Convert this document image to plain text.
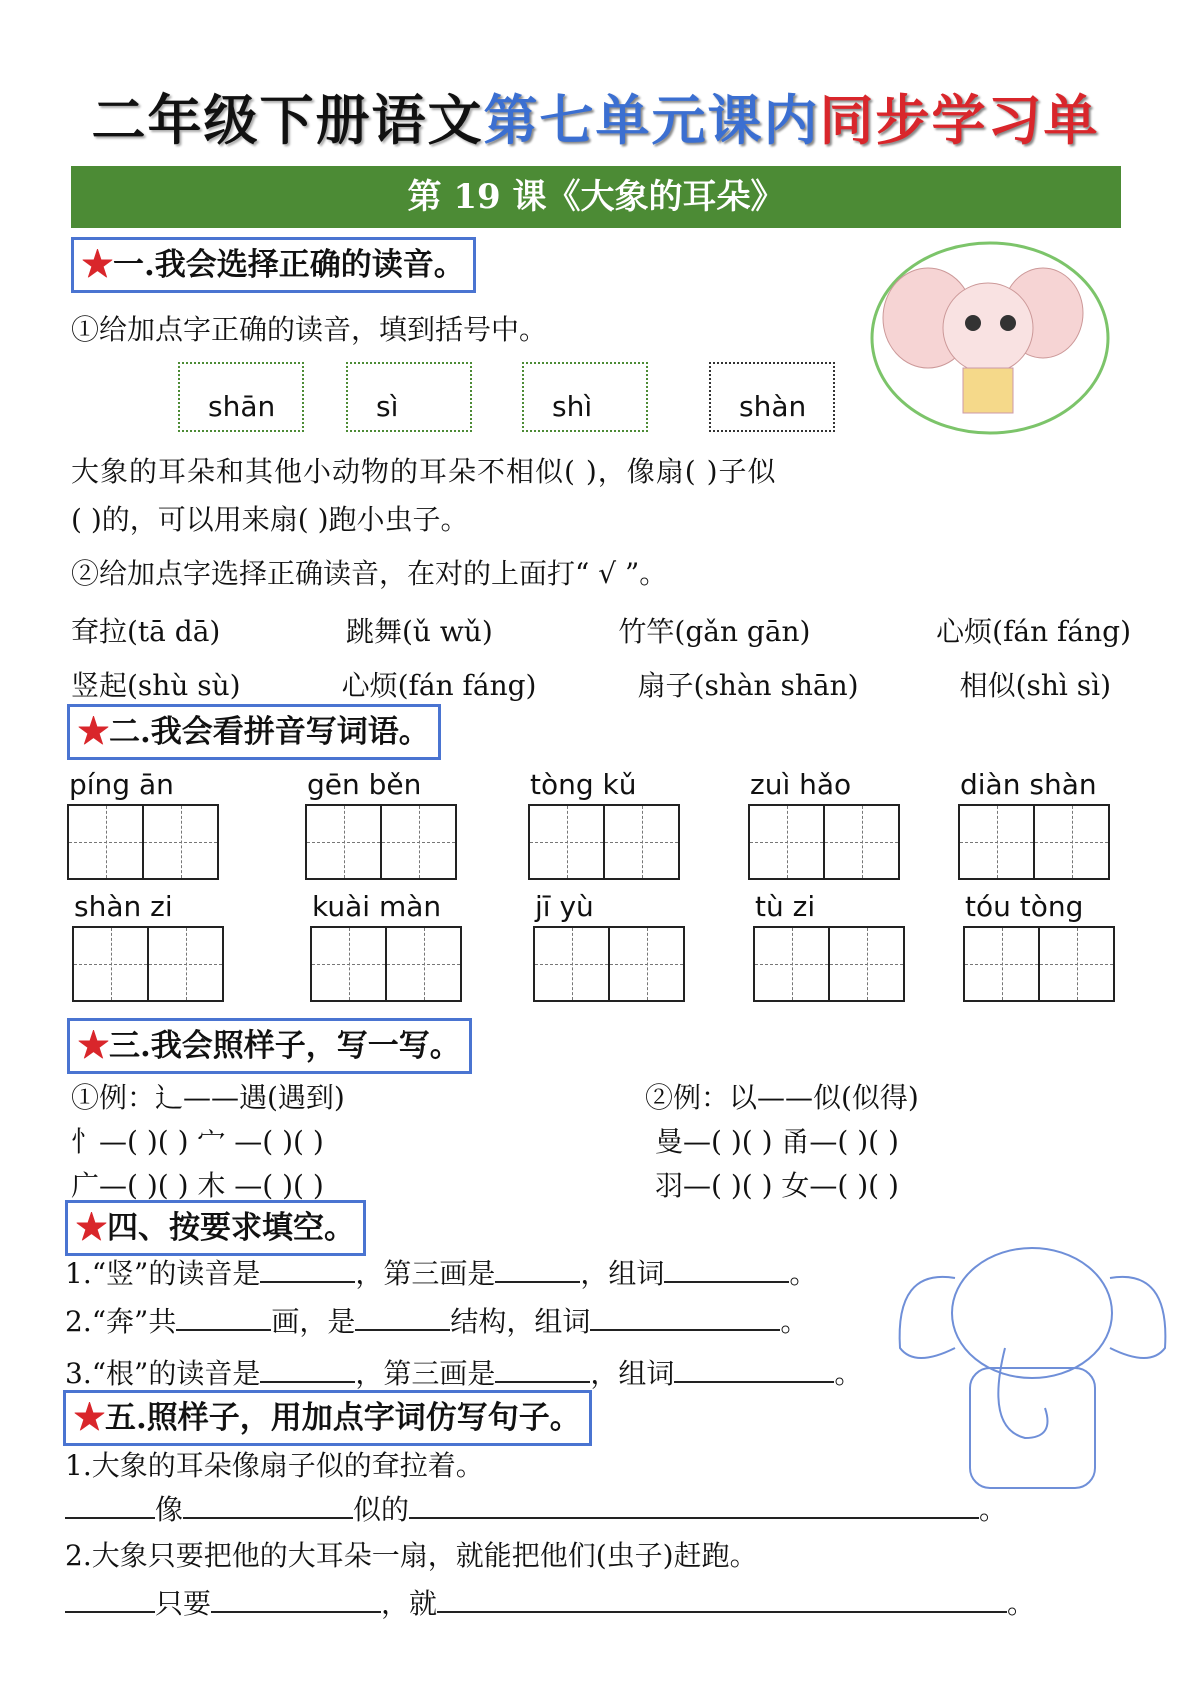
二年级下册语文第七单元课内同步学习单
第 19 课《大象的耳朵》
★一.我会选择正确的读音。
①给加点字正确的读音，填到括号中。
shān	sì	shì	shàn
大象的耳朵和其他小动物的耳朵不相似( )，像扇( )子似
( )的，可以用来扇( )跑小虫子。
②给加点字选择正确读音，在对的上面打“ √ ”。
耷拉(tā dā)	跳舞(ǔ wǔ)	竹竿(gǎn gān)	心烦(fán fáng)
竖起(shù sù)	心烦(fán fáng)	扇子(shàn shān)	相似(shì sì)
★二.我会看拼音写词语。
píng ān	gēn běn	tòng kǔ	zuì hǎo	diàn shàn
shàn zi	kuài màn	jī yù	tù zi	tóu tòng
★三.我会照样子，写一写。
①例：辶——遇(遇到)	②例：以——似(似得)
忄—( )( ) 宀 —( )( )
广—( )( ) 木 —( )( )
曼—( )( ) 甬—( )( )
羽—( )( ) 女—( )( )
★四、按要求填空。
1.“竖”的读音是	，第三画是	，组词	。
2.“奔”共	画，是	结构，组词	。
3.“根”的读音是	，第三画是	，组词	。
★五.照样子，用加点字词仿写句子。
1.大象的耳朵像扇子似的耷拉着。
像	似的	。
2.大象只要把他的大耳朵一扇，就能把他们(虫子)赶跑。
只要	，就	。
